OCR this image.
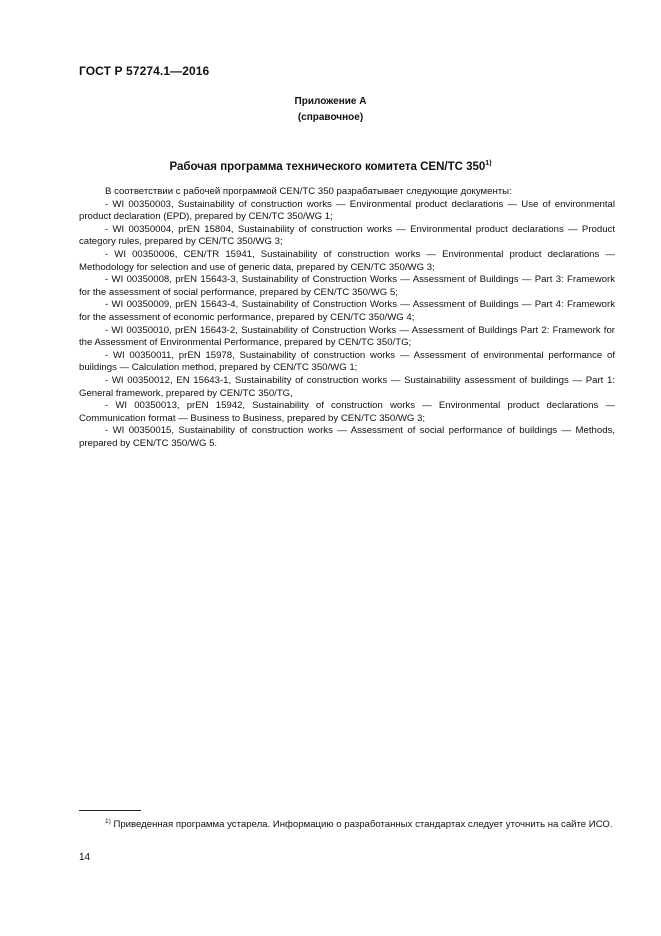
ГОСТ Р 57274.1—2016
Приложение А
(справочное)
Рабочая программа технического комитета CEN/TC 350$^{1)}$

В соответствии с рабочей программой CEN/TC 350 разрабатывает следующие документы:

- WI 00350003, Sustainability of construction works — Environmental product declarations — Use of environmental product declaration (EPD), prepared by CEN/TC 350/WG 1;

- WI 00350004, prEN 15804, Sustainability of construction works — Environmental product declarations — Product category rules, prepared by CEN/TC 350/WG 3;

- WI 00350006, CEN/TR 15941, Sustainability of construction works — Environmental product declarations — Methodology for selection and use of generic data, prepared by CEN/TC 350/WG 3;

- WI 00350008, prEN 15643-3, Sustainability of Construction Works — Assessment of Buildings — Part 3: Framework for the assessment of social performance, prepared by CEN/TC 350/WG 5;

- WI 00350009, prEN 15643-4, Sustainability of Construction Works — Assessment of Buildings — Part 4: Framework for the assessment of economic performance, prepared by CEN/TC 350/WG 4;

- WI 00350010, prEN 15643-2, Sustainability of Construction Works — Assessment of Buildings Part 2: Framework for the Assessment of Environmental Performance, prepared by CEN/TC 350/TG;

- WI 00350011, prEN 15978, Sustainability of construction works — Assessment of environmental performance of buildings — Calculation method, prepared by CEN/TC 350/WG 1;

- WI 00350012, EN 15643-1, Sustainability of construction works — Sustainability assessment of buildings — Part 1: General framework, prepared by CEN/TC 350/TG,

- WI 00350013, prEN 15942, Sustainability of construction works — Environmental product declarations — Communication format — Business to Business, prepared by CEN/TC 350/WG 3;

- WI 00350015, Sustainability of construction works — Assessment of social performance of buildings — Methods, prepared by CEN/TC 350/WG 5.

$^{1)}$ Приведенная программа устарела. Информацию о разработанных стандартах следует уточнить на сайте ИСО.
14
